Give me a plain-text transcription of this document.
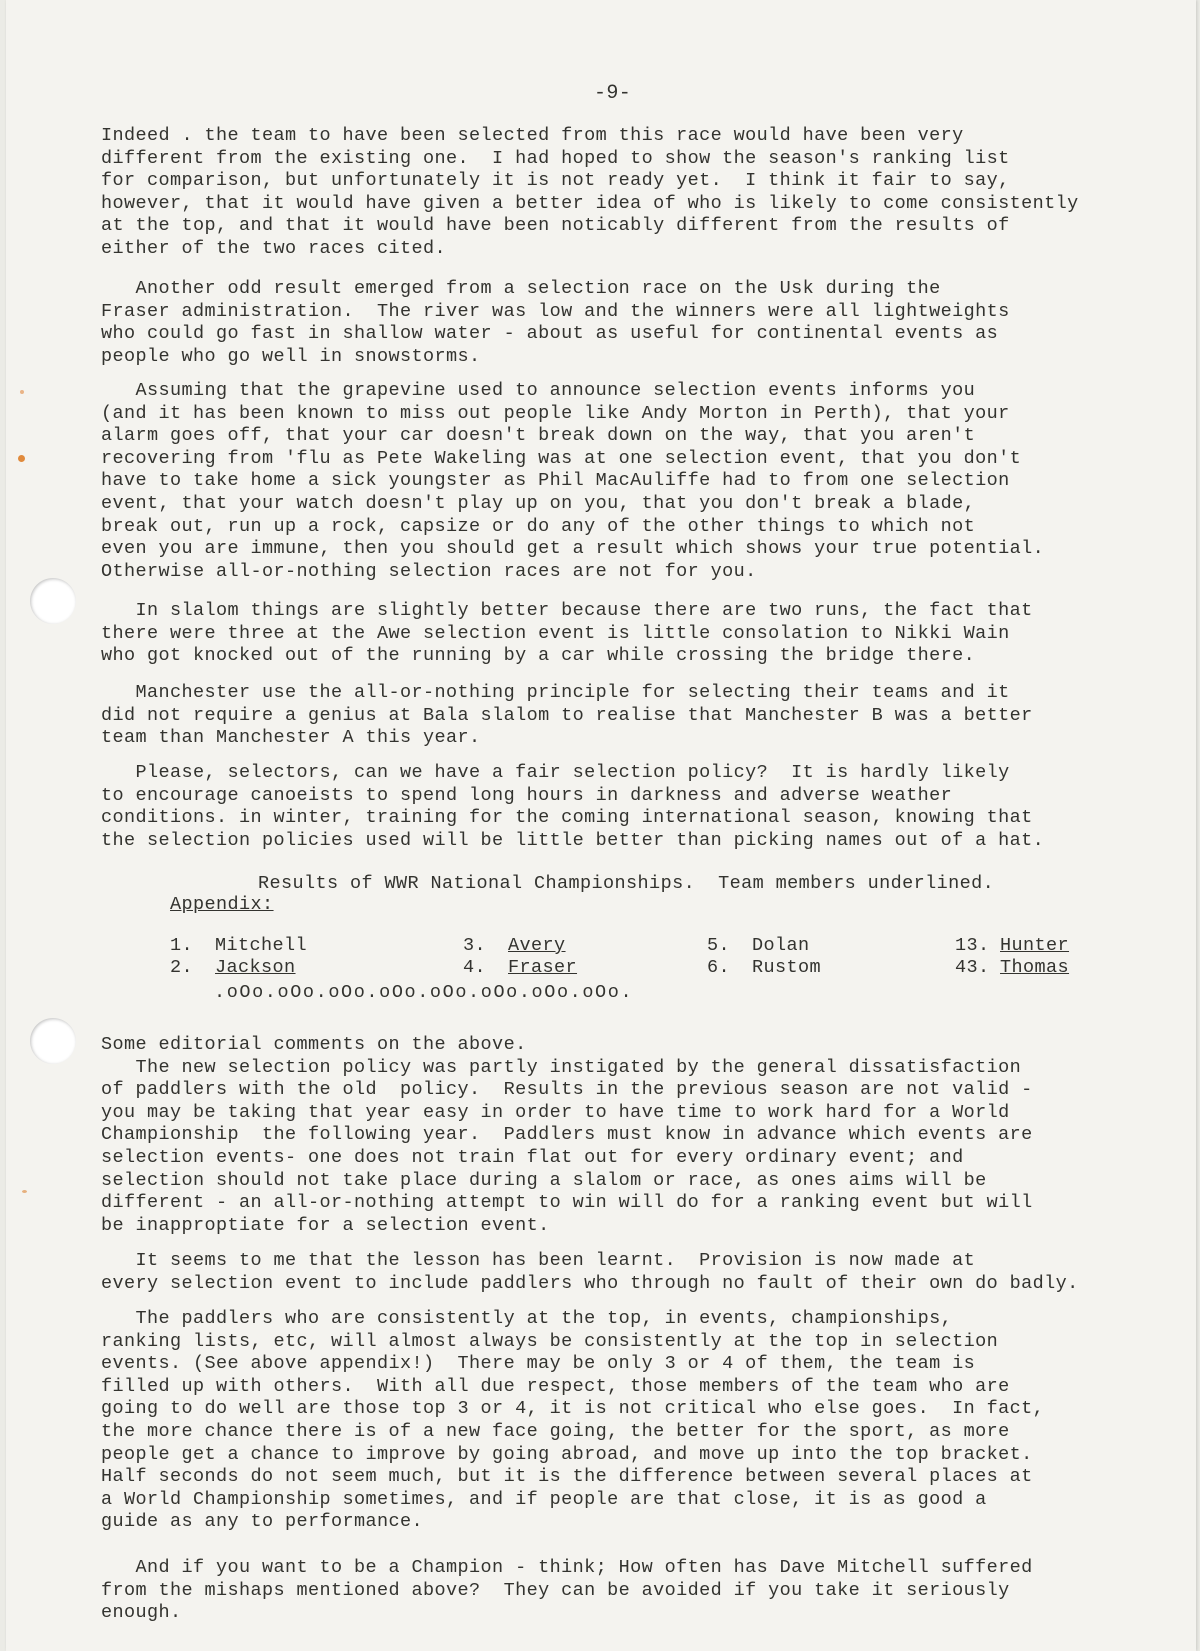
-9-
Indeed . the team to have been selected from this race would have been very
different from the existing one.  I had hoped to show the season's ranking list
for comparison, but unfortunately it is not ready yet.  I think it fair to say,
however, that it would have given a better idea of who is likely to come consistently
at the top, and that it would have been noticably different from the results of
either of the two races cited.
Another odd result emerged from a selection race on the Usk during the
Fraser administration.  The river was low and the winners were all lightweights
who could go fast in shallow water - about as useful for continental events as
people who go well in snowstorms.
Assuming that the grapevine used to announce selection events informs you
(and it has been known to miss out people like Andy Morton in Perth), that your
alarm goes off, that your car doesn't break down on the way, that you aren't
recovering from 'flu as Pete Wakeling was at one selection event, that you don't
have to take home a sick youngster as Phil MacAuliffe had to from one selection
event, that your watch doesn't play up on you, that you don't break a blade,
break out, run up a rock, capsize or do any of the other things to which not
even you are immune, then you should get a result which shows your true potential.
Otherwise all-or-nothing selection races are not for you.
In slalom things are slightly better because there are two runs, the fact that
there were three at the Awe selection event is little consolation to Nikki Wain
who got knocked out of the running by a car while crossing the bridge there.
Manchester use the all-or-nothing principle for selecting their teams and it
did not require a genius at Bala slalom to realise that Manchester B was a better
team than Manchester A this year.
Please, selectors, can we have a fair selection policy?  It is hardly likely
to encourage canoeists to spend long hours in darkness and adverse weather
conditions. in winter, training for the coming international season, knowing that
the selection policies used will be little better than picking names out of a hat.

Appendix:

Results of WWR National Championships.  Team members underlined.

1. Mitchell

2. Jackson

3. Avery

4. Fraser

5. Dolan

6. Rustom

13. Hunter

43. Thomas

.oOo.oOo.oOo.oOo.oOo.oOo.oOo.oOo.
Some editorial comments on the above.
The new selection policy was partly instigated by the general dissatisfaction
of paddlers with the old  policy.  Results in the previous season are not valid -
you may be taking that year easy in order to have time to work hard for a World
Championship  the following year.  Paddlers must know in advance which events are
selection events- one does not train flat out for every ordinary event; and
selection should not take place during a slalom or race, as ones aims will be
different - an all-or-nothing attempt to win will do for a ranking event but will
be inapproptiate for a selection event.
It seems to me that the lesson has been learnt.  Provision is now made at
every selection event to include paddlers who through no fault of their own do badly.
The paddlers who are consistently at the top, in events, championships,
ranking lists, etc, will almost always be consistently at the top in selection
events. (See above appendix!)  There may be only 3 or 4 of them, the team is
filled up with others.  With all due respect, those members of the team who are
going to do well are those top 3 or 4, it is not critical who else goes.  In fact,
the more chance there is of a new face going, the better for the sport, as more
people get a chance to improve by going abroad, and move up into the top bracket.
Half seconds do not seem much, but it is the difference between several places at
a World Championship sometimes, and if people are that close, it is as good a
guide as any to performance.
And if you want to be a Champion - think; How often has Dave Mitchell suffered
from the mishaps mentioned above?  They can be avoided if you take it seriously
enough.
